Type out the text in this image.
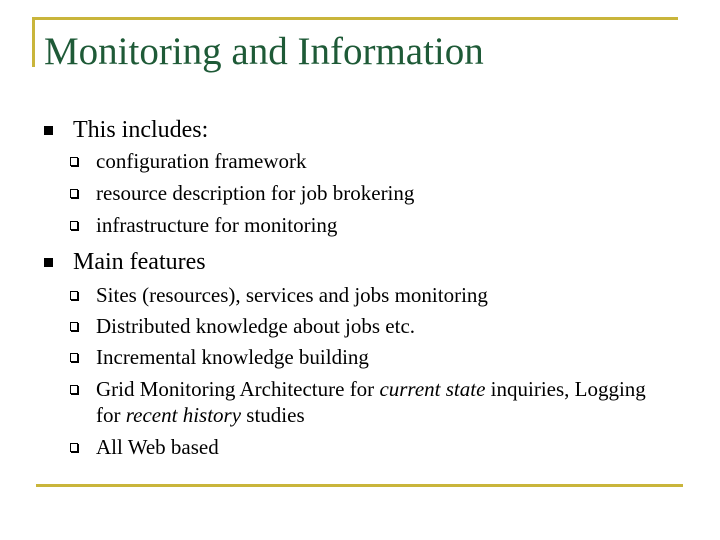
Monitoring and Information
This includes:
configuration framework
resource description for job brokering
infrastructure for monitoring
Main features
Sites (resources), services and jobs monitoring
Distributed knowledge about jobs etc.
Incremental knowledge building
Grid Monitoring Architecture for current state inquiries, Logging
for recent history studies
All Web based
